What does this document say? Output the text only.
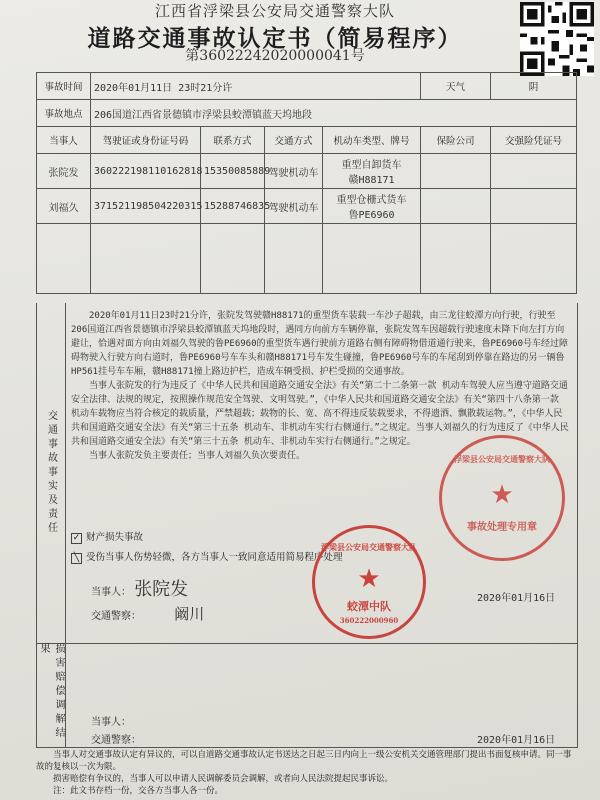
江西省浮梁县公安局交通警察大队
道路交通事故认定书（简易程序）
第36022242020000041号
事故时间	2020年01月11日 23时21分许				天气	阴
事故地点	206国道江西省景德镇市浮梁县蛟潭镇蓝天坞地段					
当事人	驾驶证或身份证号码	联系方式	交通方式	机动车类型、牌号	保险公司	交强险凭证号
张院发	360222198110162818	15350085889	驾驶机动车	重型自卸货车
赣H88171		

刘福久	371521198504220315	15288746835	驾驶机动车	重型仓栅式货车
鲁PE6960		

交通事故事实及责任

2020年01月11日23时21分许，张院发驾驶赣H88171的重型货车装载一车沙子超载，由三龙往蛟潭方向行驶，行驶至206国道江西省景德镇市浮梁县蛟潭镇蓝天坞地段时，遇同方向前方车辆停靠，张院发驾车因超载行驶速度未降下向左打方向避让，恰遇对面方向由刘福久驾驶的鲁PE6960的重型货车遇行驶前方道路右侧有障碍物借道通行驶来，鲁PE6960号车经过障碍物驶入行驶方向右道时，鲁PE6960号车车头和赣H88171号车发生碰撞，鲁PE6960号车的车尾刮到停靠在路边的另一辆鲁HP561挂号车车厢，赣H88171撞上路边护栏，造成车辆受损、护栏受损的交通事故。

当事人张院发的行为违反了《中华人民共和国道路交通安全法》有关“第二十二条第一款 机动车驾驶人应当遵守道路交通安全法律、法规的规定，按照操作规范安全驾驶、文明驾驶。”，《中华人民共和国道路交通安全法》有关“第四十八条第一款 机动车载物应当符合核定的载质量，严禁超载；载物的长、宽、高不得违反装载要求，不得遗洒、飘散载运物。”，《中华人民共和国道路交通安全法》有关“第三十五条 机动车、非机动车实行右侧通行。”之规定。当事人刘福久的行为违反了《中华人民共和国道路交通安全法》有关“第三十五条 机动车、非机动车实行右侧通行。”之规定。

当事人张院发负主要责任；当事人刘福久负次要责任。

✓ 财产损失事故
╲ 受伤当事人伤势轻微，各方当事人一致同意适用简易程序处理
当事人： 张院发
交通警察： 阚川
浮梁县公安局交通警察大队
★
蛟潭中队
360222000960
浮梁县公安局交通警察大队
★
事故处理专用章
2020年01月16日
损害赔偿调解结果
当事人：
交通警察：	2020年01月16日

当事人对交通事故认定有异议的，可以自道路交通事故认定书送达之日起三日内向上一级公安机关交通管理部门提出书面复核申请。同一事故的复核以一次为限。

损害赔偿有争议的，当事人可以申请人民调解委员会调解，或者向人民法院提起民事诉讼。

注：此文书存档一份，交各方当事人各一份。
